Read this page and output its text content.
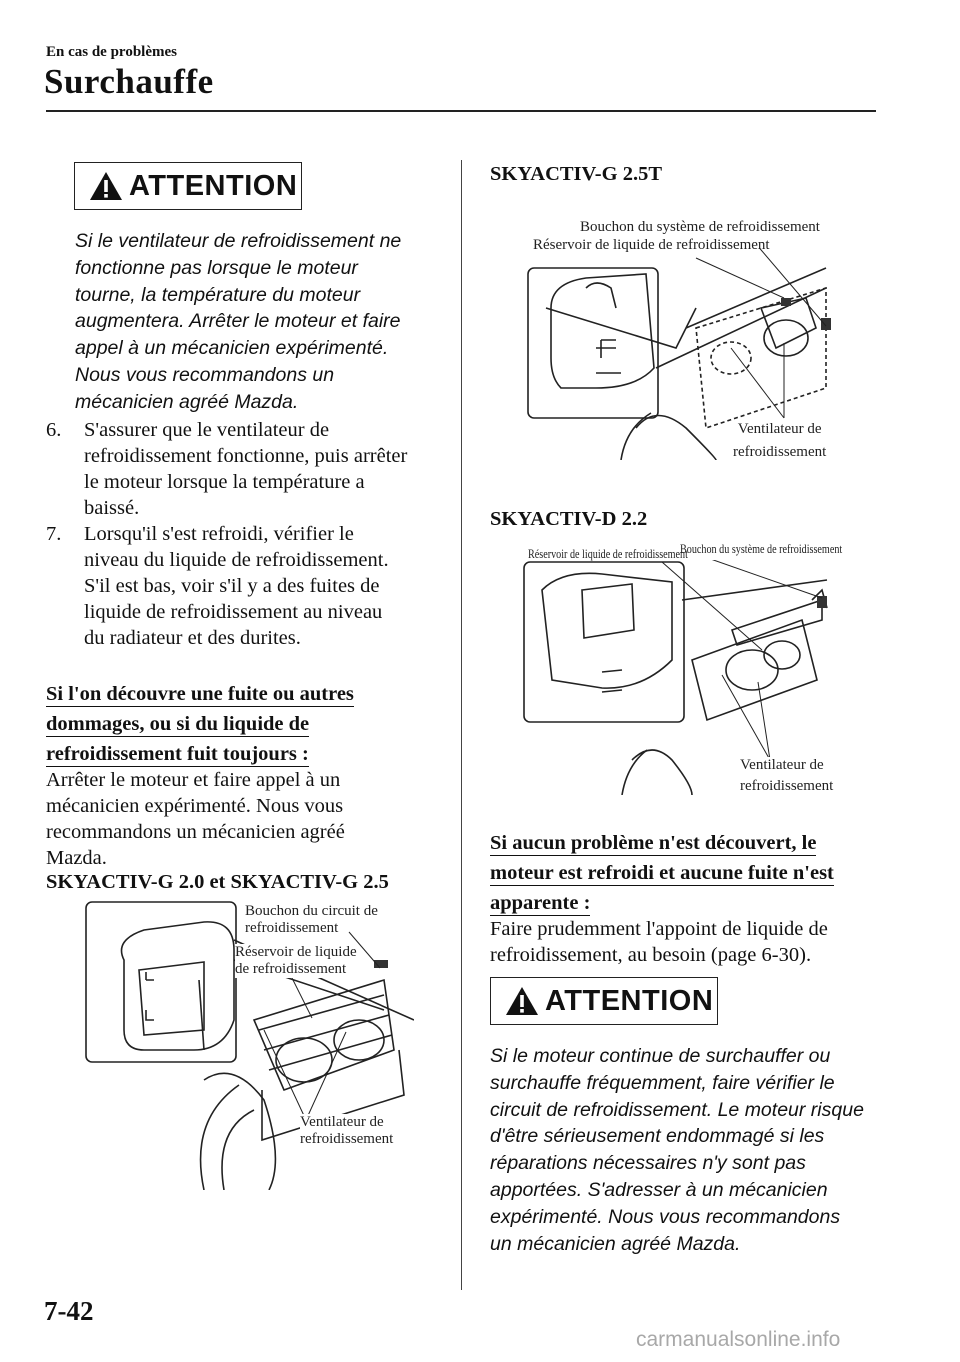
En cas de problèmes
Surchauffe
ATTENTION
Si le ventilateur de refroidissement ne
fonctionne pas lorsque le moteur
tourne, la température du moteur
augmentera. Arrêter le moteur et faire
appel à un mécanicien expérimenté.
Nous vous recommandons un
mécanicien agréé Mazda.
6. S'assurer que le ventilateur de
refroidissement fonctionne, puis arrêter
le moteur lorsque la température a
baissé.
7. Lorsqu'il s'est refroidi, vérifier le
niveau du liquide de refroidissement.
S'il est bas, voir s'il y a des fuites de
liquide de refroidissement au niveau
du radiateur et des durites.
Si l'on découvre une fuite ou autres
dommages, ou si du liquide de
refroidissement fuit toujours :
Arrêter le moteur et faire appel à un
mécanicien expérimenté. Nous vous
recommandons un mécanicien agréé
Mazda.
SKYACTIV-G 2.0 et SKYACTIV-G 2.5
Bouchon du circuit de
refroidissement
Réservoir de liquide
de refroidissement
Ventilateur de
refroidissement
SKYACTIV-G 2.5T
Bouchon du système de refroidissement
Réservoir de liquide de refroidissement
Ventilateur de
refroidissement
SKYACTIV-D 2.2
Réservoir de liquide de refroidissement
Bouchon du système de refroidissement
Ventilateur de
refroidissement
Si aucun problème n'est découvert, le
moteur est refroidi et aucune fuite n'est
apparente :
Faire prudemment l'appoint de liquide de
refroidissement, au besoin (page 6-30).
ATTENTION
Si le moteur continue de surchauffer ou
surchauffe fréquemment, faire vérifier le
circuit de refroidissement. Le moteur risque
d'être sérieusement endommagé si les
réparations nécessaires n'y sont pas
apportées. S'adresser à un mécanicien
expérimenté. Nous vous recommandons
un mécanicien agréé Mazda.
7-42
carmanualsonline.info
